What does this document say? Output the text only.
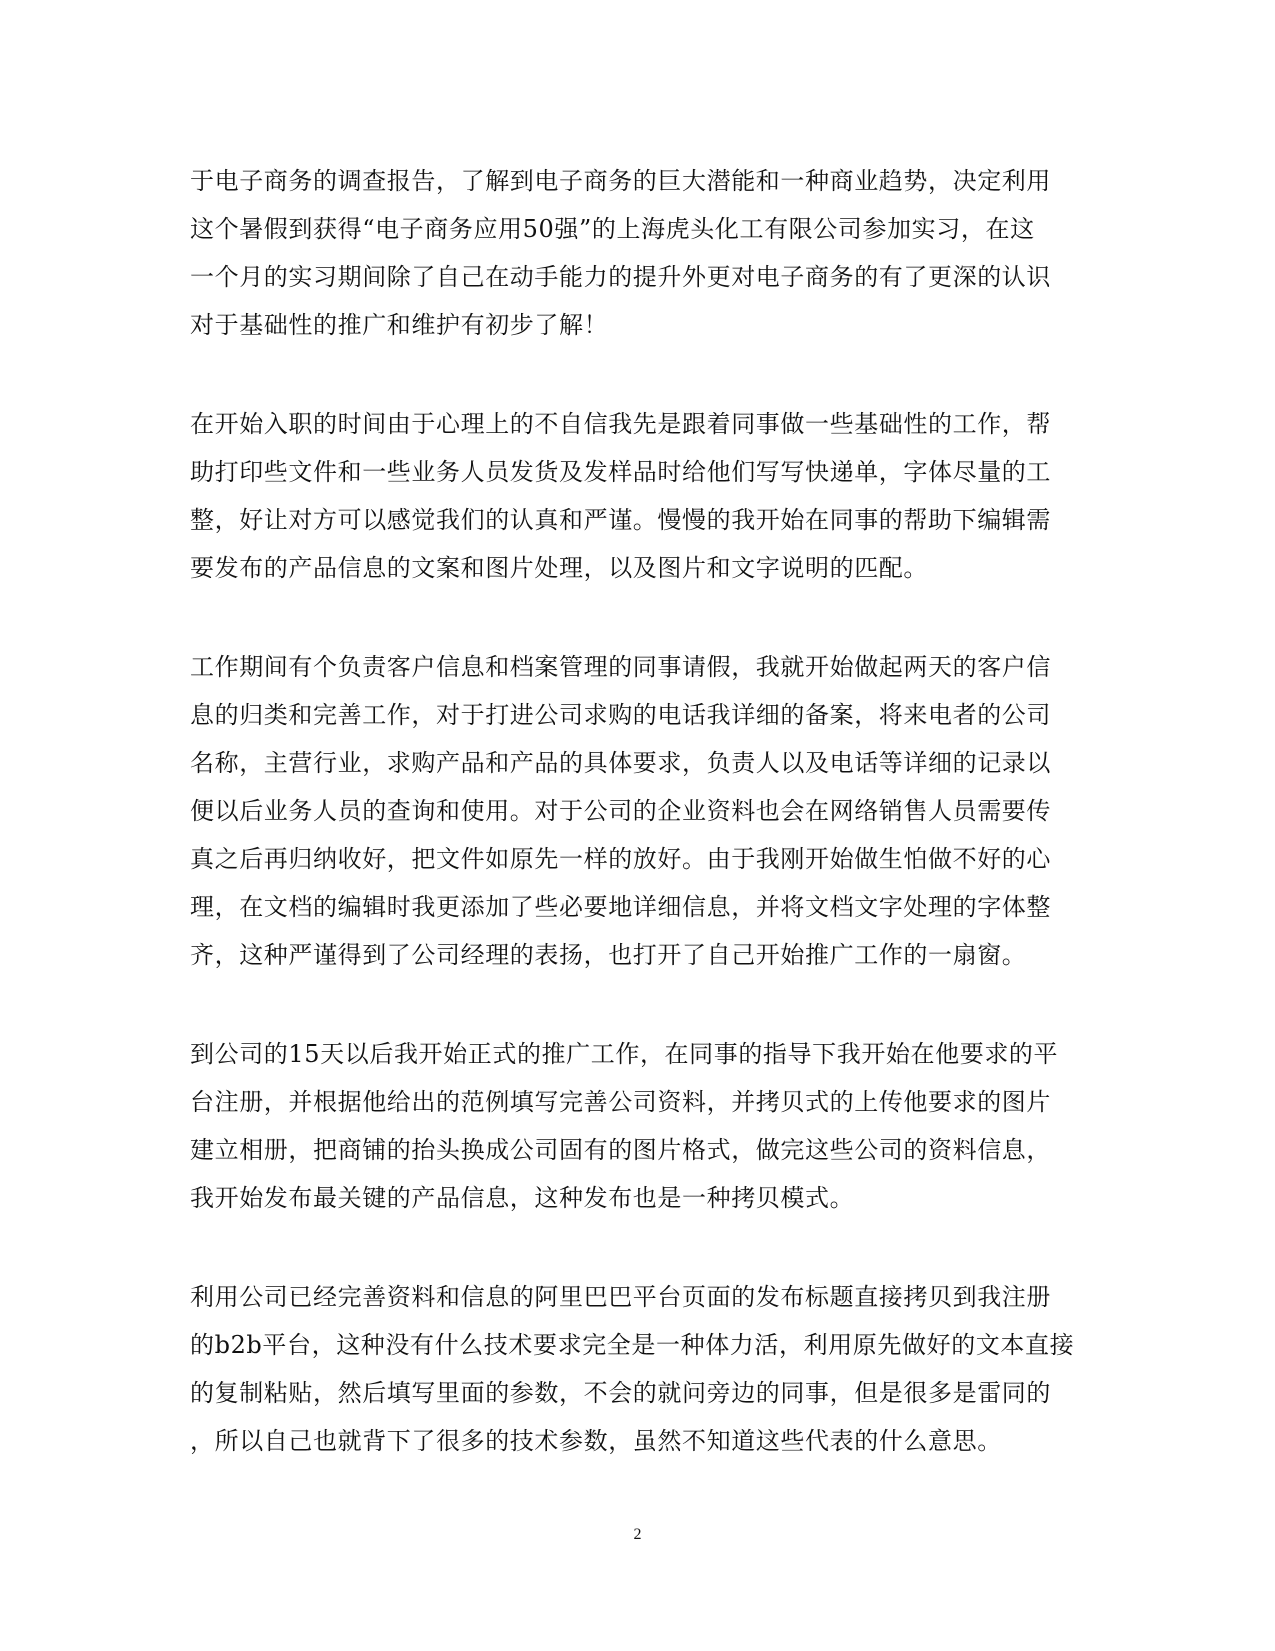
于电子商务的调查报告，了解到电子商务的巨大潜能和一种商业趋势，决定利用
这个暑假到获得“电子商务应用50强”的上海虎头化工有限公司参加实习，在这
一个月的实习期间除了自己在动手能力的提升外更对电子商务的有了更深的认识
对于基础性的推广和维护有初步了解！
在开始入职的时间由于心理上的不自信我先是跟着同事做一些基础性的工作，帮
助打印些文件和一些业务人员发货及发样品时给他们写写快递单，字体尽量的工
整，好让对方可以感觉我们的认真和严谨。慢慢的我开始在同事的帮助下编辑需
要发布的产品信息的文案和图片处理，以及图片和文字说明的匹配。
工作期间有个负责客户信息和档案管理的同事请假，我就开始做起两天的客户信
息的归类和完善工作，对于打进公司求购的电话我详细的备案，将来电者的公司
名称，主营行业，求购产品和产品的具体要求，负责人以及电话等详细的记录以
便以后业务人员的查询和使用。对于公司的企业资料也会在网络销售人员需要传
真之后再归纳收好，把文件如原先一样的放好。由于我刚开始做生怕做不好的心
理，在文档的编辑时我更添加了些必要地详细信息，并将文档文字处理的字体整
齐，这种严谨得到了公司经理的表扬，也打开了自己开始推广工作的一扇窗。
到公司的15天以后我开始正式的推广工作，在同事的指导下我开始在他要求的平
台注册，并根据他给出的范例填写完善公司资料，并拷贝式的上传他要求的图片
建立相册，把商铺的抬头换成公司固有的图片格式，做完这些公司的资料信息，
我开始发布最关键的产品信息，这种发布也是一种拷贝模式。
利用公司已经完善资料和信息的阿里巴巴平台页面的发布标题直接拷贝到我注册
的b2b平台，这种没有什么技术要求完全是一种体力活，利用原先做好的文本直接
的复制粘贴，然后填写里面的参数，不会的就问旁边的同事，但是很多是雷同的
，所以自己也就背下了很多的技术参数，虽然不知道这些代表的什么意思。
2
